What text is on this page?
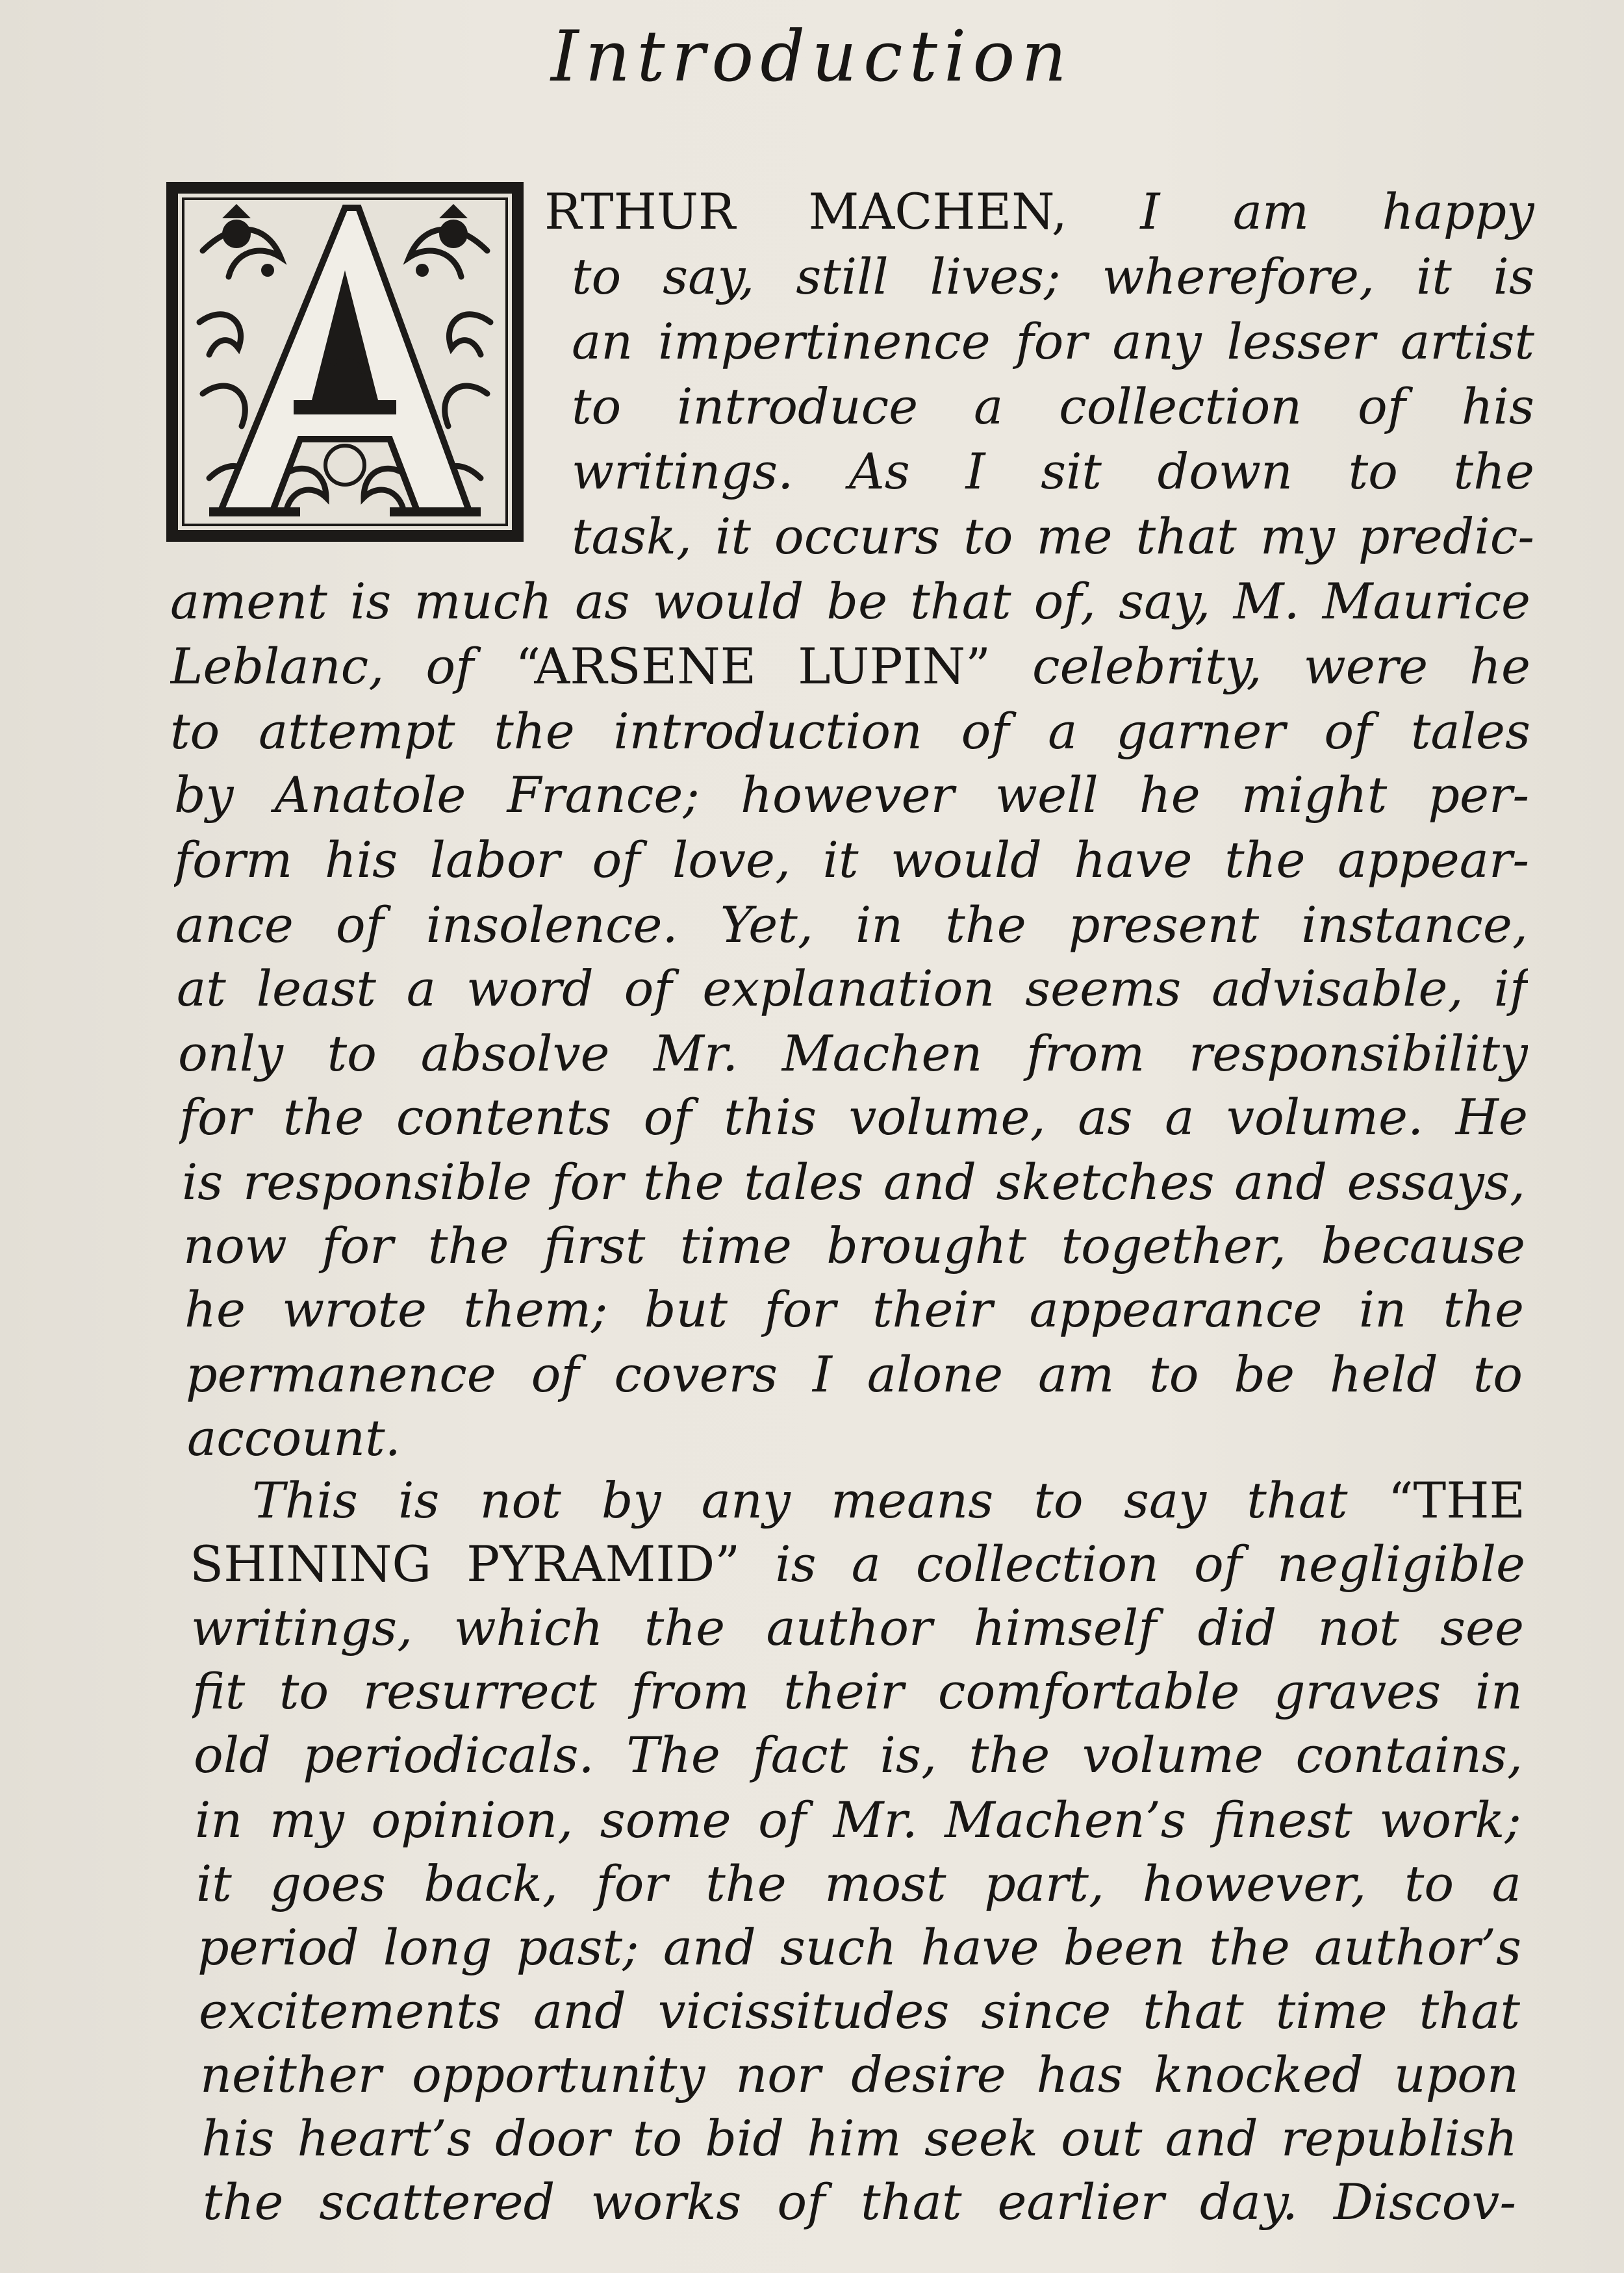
Introduction
RTHUR MACHEN, I am happy
to say, still lives; wherefore, it is
an impertinence for any lesser artist
to introduce a collection of his
writings. As I sit down to the
task, it occurs to me that my predic-
ament is much as would be that of, say, M. Maurice
Leblanc, of “ARSENE LUPIN” celebrity, were he
to attempt the introduction of a garner of tales
by Anatole France; however well he might per-
form his labor of love, it would have the appear-
ance of insolence. Yet, in the present instance,
at least a word of explanation seems advisable, if
only to absolve Mr. Machen from responsibility
for the contents of this volume, as a volume. He
is responsible for the tales and sketches and essays,
now for the first time brought together, because
he wrote them; but for their appearance in the
permanence of covers I alone am to be held to
account.
This is not by any means to say that “THE
SHINING PYRAMID” is a collection of negligible
writings, which the author himself did not see
fit to resurrect from their comfortable graves in
old periodicals. The fact is, the volume contains,
in my opinion, some of Mr. Machen’s finest work;
it goes back, for the most part, however, to a
period long past; and such have been the author’s
excitements and vicissitudes since that time that
neither opportunity nor desire has knocked upon
his heart’s door to bid him seek out and republish
the scattered works of that earlier day. Discov-
